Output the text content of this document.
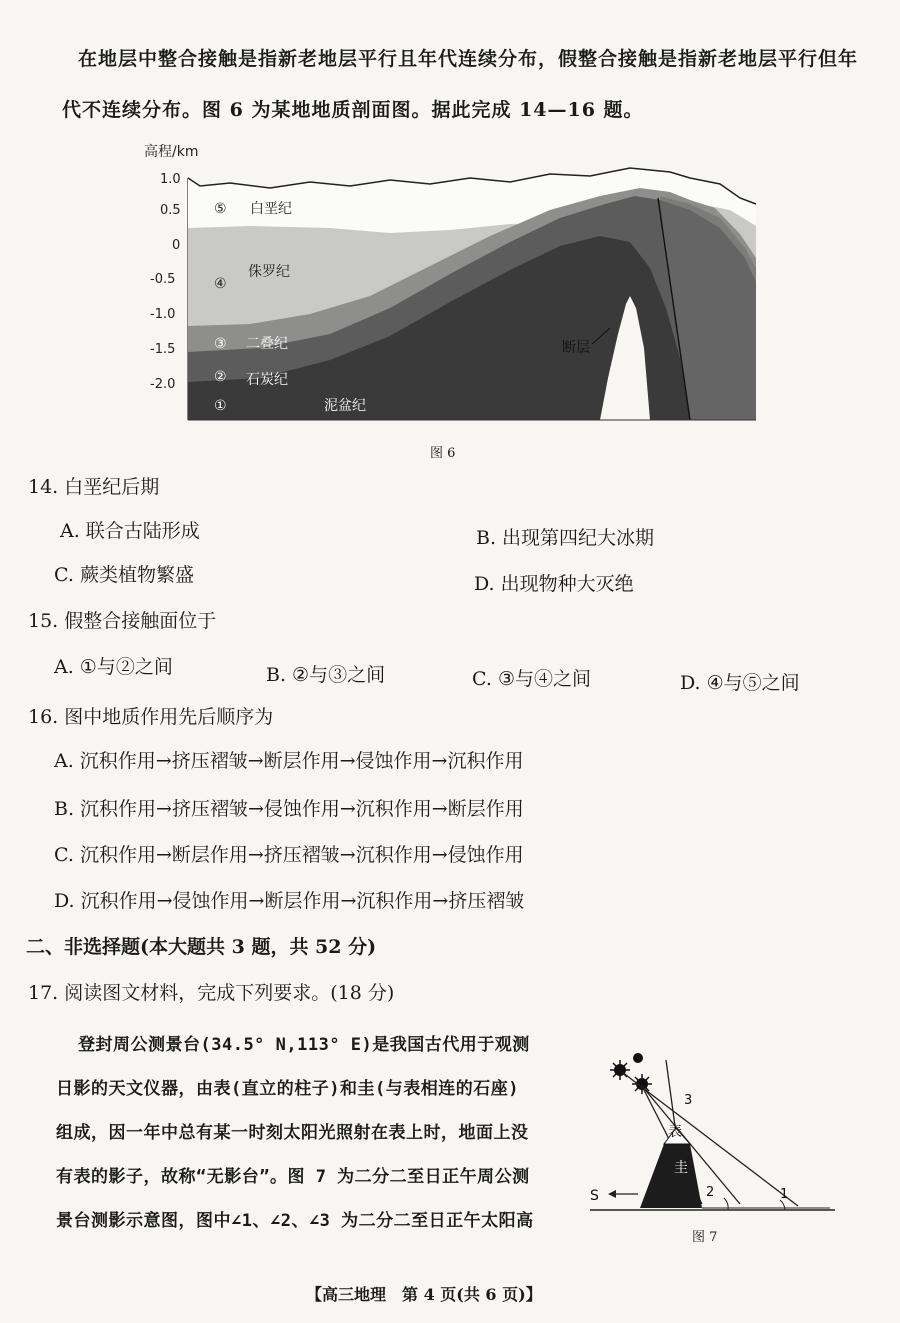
在地层中整合接触是指新老地层平行且年代连续分布，假整合接触是指新老地层平行但年
代不连续分布。图 6 为某地地质剖面图。据此完成 14—16 题。
高程/km
1.0
0.5
0
-0.5
-1.0
-1.5
-2.0
⑤ 白垩纪
④
侏罗纪
③ 二叠纪
② 石炭纪
①	泥盆纪
断层
图 6
14. 白垩纪后期
A. 联合古陆形成	B. 出现第四纪大冰期
C. 蕨类植物繁盛	D. 出现物种大灭绝
15. 假整合接触面位于
A. ①与②之间	B. ②与③之间	C. ③与④之间	D. ④与⑤之间
16. 图中地质作用先后顺序为
A. 沉积作用→挤压褶皱→断层作用→侵蚀作用→沉积作用
B. 沉积作用→挤压褶皱→侵蚀作用→沉积作用→断层作用
C. 沉积作用→断层作用→挤压褶皱→沉积作用→侵蚀作用
D. 沉积作用→侵蚀作用→断层作用→沉积作用→挤压褶皱
二、非选择题(本大题共 3 题，共 52 分)
17. 阅读图文材料，完成下列要求。(18 分)
登封周公测景台(34.5° N,113° E)是我国古代用于观测
日影的天文仪器，由表(直立的柱子)和圭(与表相连的石座)
组成，因一年中总有某一时刻太阳光照射在表上时，地面上没
有表的影子，故称“无影台”。图 7 为二分二至日正午周公测
景台测影示意图，图中∠1、∠2、∠3 为二分二至日正午太阳高
S
表
圭
1
2
3
图 7
【高三地理　第 4 页(共 6 页)】
